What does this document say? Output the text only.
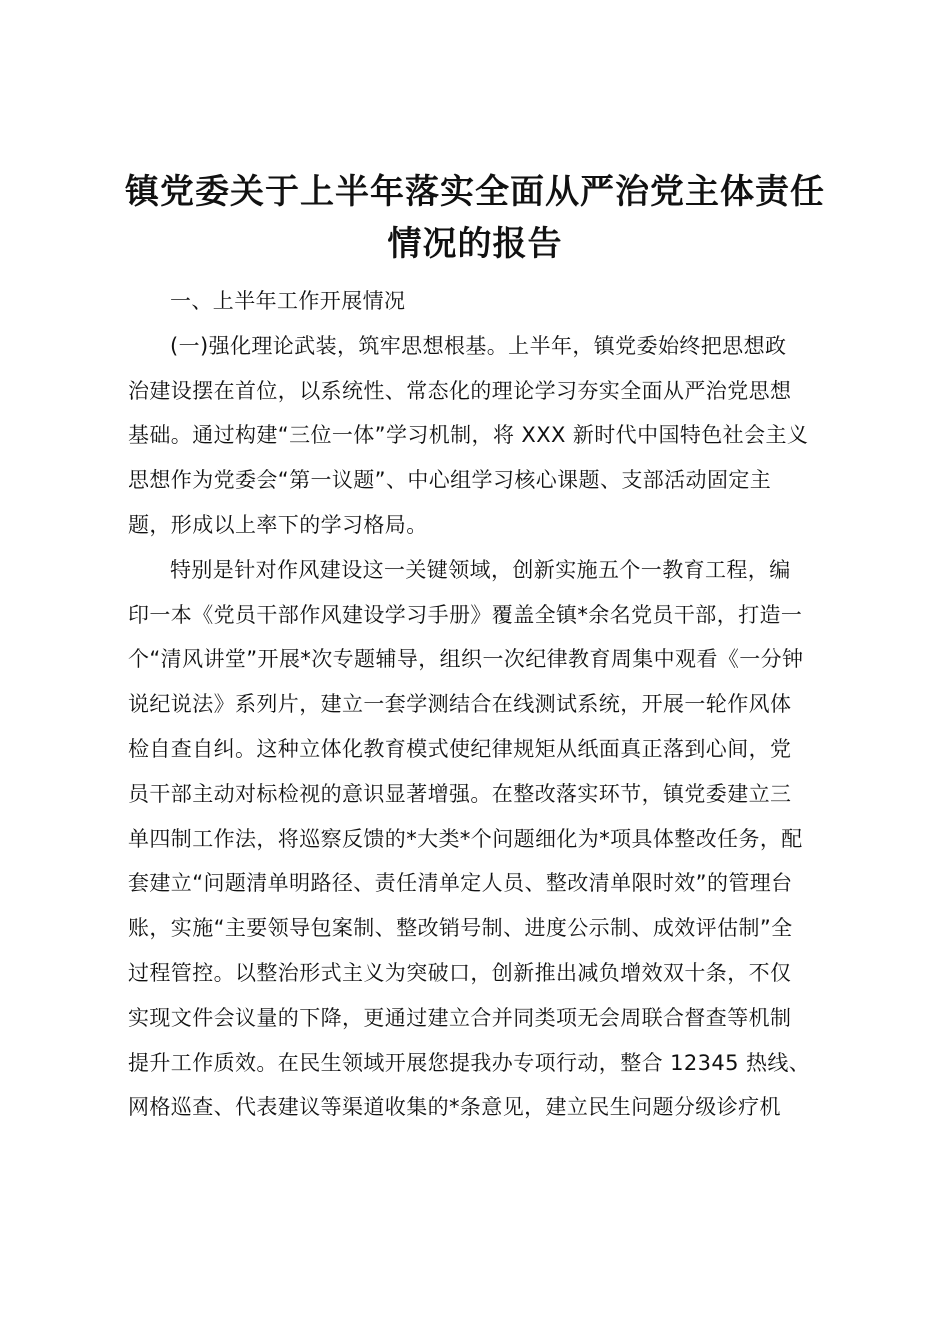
镇党委关于上半年落实全面从严治党主体责任
情况的报告
一、上半年工作开展情况
(一)强化理论武装，筑牢思想根基。上半年，镇党委始终把思想政
治建设摆在首位，以系统性、常态化的理论学习夯实全面从严治党思想
基础。通过构建“三位一体”学习机制，将 XXX 新时代中国特色社会主义
思想作为党委会“第一议题”、中心组学习核心课题、支部活动固定主
题，形成以上率下的学习格局。
特别是针对作风建设这一关键领域，创新实施五个一教育工程，编
印一本《党员干部作风建设学习手册》覆盖全镇*余名党员干部，打造一
个“清风讲堂”开展*次专题辅导，组织一次纪律教育周集中观看《一分钟
说纪说法》系列片，建立一套学测结合在线测试系统，开展一轮作风体
检自查自纠。这种立体化教育模式使纪律规矩从纸面真正落到心间，党
员干部主动对标检视的意识显著增强。在整改落实环节，镇党委建立三
单四制工作法，将巡察反馈的*大类*个问题细化为*项具体整改任务，配
套建立“问题清单明路径、责任清单定人员、整改清单限时效”的管理台
账，实施“主要领导包案制、整改销号制、进度公示制、成效评估制”全
过程管控。以整治形式主义为突破口，创新推出减负增效双十条，不仅
实现文件会议量的下降，更通过建立合并同类项无会周联合督查等机制
提升工作质效。在民生领域开展您提我办专项行动，整合 12345 热线、
网格巡查、代表建议等渠道收集的*条意见，建立民生问题分级诊疗机
